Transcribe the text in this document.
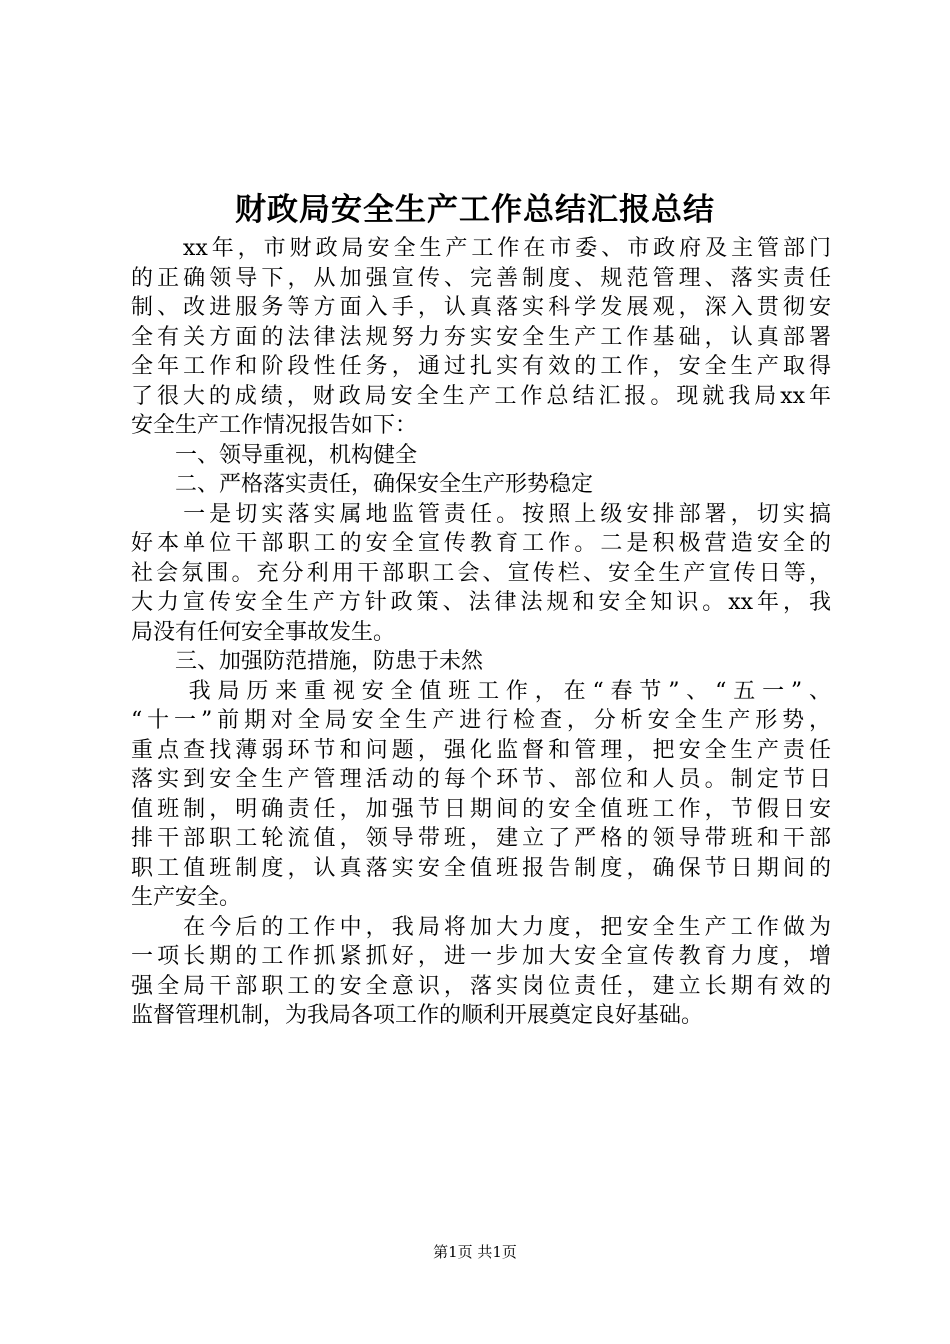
财政局安全生产工作总结汇报总结
　　xx年，市财政局安全生产工作在市委、市政府及主管部门
的正确领导下，从加强宣传、完善制度、规范管理、落实责任
制、改进服务等方面入手，认真落实科学发展观，深入贯彻安
全有关方面的法律法规努力夯实安全生产工作基础，认真部署
全年工作和阶段性任务，通过扎实有效的工作，安全生产取得
了很大的成绩，财政局安全生产工作总结汇报。现就我局xx年
安全生产工作情况报告如下：
　　一、领导重视，机构健全
　　二、严格落实责任，确保安全生产形势稳定
　　一是切实落实属地监管责任。按照上级安排部署，切实搞
好本单位干部职工的安全宣传教育工作。二是积极营造安全的
社会氛围。充分利用干部职工会、宣传栏、安全生产宣传日等，
大力宣传安全生产方针政策、法律法规和安全知识。xx年，我
局没有任何安全事故发生。
　　三、加强防范措施，防患于未然
　　我局历来重视安全值班工作，在“春节”、“五一”、
“十一”前期对全局安全生产进行检查，分析安全生产形势，
重点查找薄弱环节和问题，强化监督和管理，把安全生产责任
落实到安全生产管理活动的每个环节、部位和人员。制定节日
值班制，明确责任，加强节日期间的安全值班工作，节假日安
排干部职工轮流值，领导带班，建立了严格的领导带班和干部
职工值班制度，认真落实安全值班报告制度，确保节日期间的
生产安全。
　　在今后的工作中，我局将加大力度，把安全生产工作做为
一项长期的工作抓紧抓好，进一步加大安全宣传教育力度，增
强全局干部职工的安全意识，落实岗位责任，建立长期有效的
监督管理机制，为我局各项工作的顺利开展奠定良好基础。
第1页 共1页
